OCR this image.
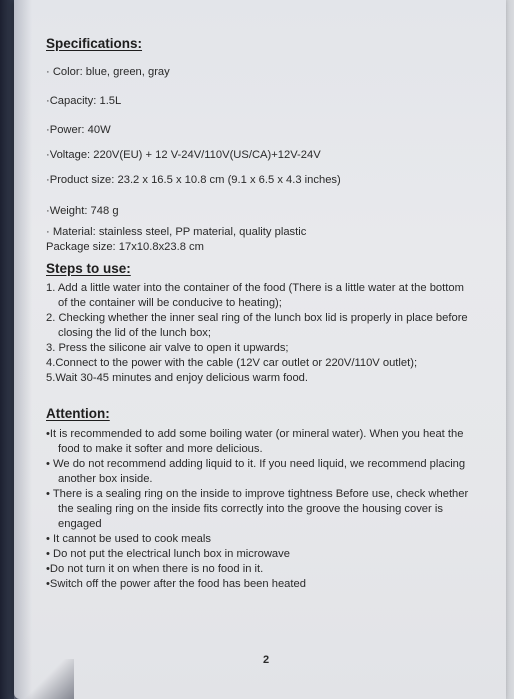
Specifications:

· Color: blue, green, gray

·Capacity: 1.5L

·Power: 40W

·Voltage: 220V(EU) + 12 V-24V/110V(US/CA)+12V-24V

·Product size: 23.2 x 16.5 x 10.8 cm (9.1 x 6.5 x 4.3 inches)

·Weight: 748 g

· Material: stainless steel, PP material, quality plastic

Package size: 17x10.8x23.8 cm

Steps to use:

1. Add a little water into the container of the food (There is a little water at the bottom

of the container will be conducive to heating);

2. Checking whether the inner seal ring of the lunch box lid is properly in place before

closing the lid of the lunch box;

3. Press the silicone air valve to open it upwards;

4.Connect to the power with the cable (12V car outlet or 220V/110V outlet);

5.Wait 30-45 minutes and enjoy delicious warm food.

Attention:

•It is recommended to add some boiling water (or mineral water). When you heat the

food to make it softer and more delicious.

• We do not recommend adding liquid to it. If you need liquid, we recommend placing

another box inside.

• There is a sealing ring on the inside to improve tightness Before use, check whether

the sealing ring on the inside fits correctly into the groove the housing cover is

engaged

• It cannot be used to cook meals

• Do not put the electrical lunch box in microwave

•Do not turn it on when there is no food in it.

•Switch off the power after the food has been heated

2
